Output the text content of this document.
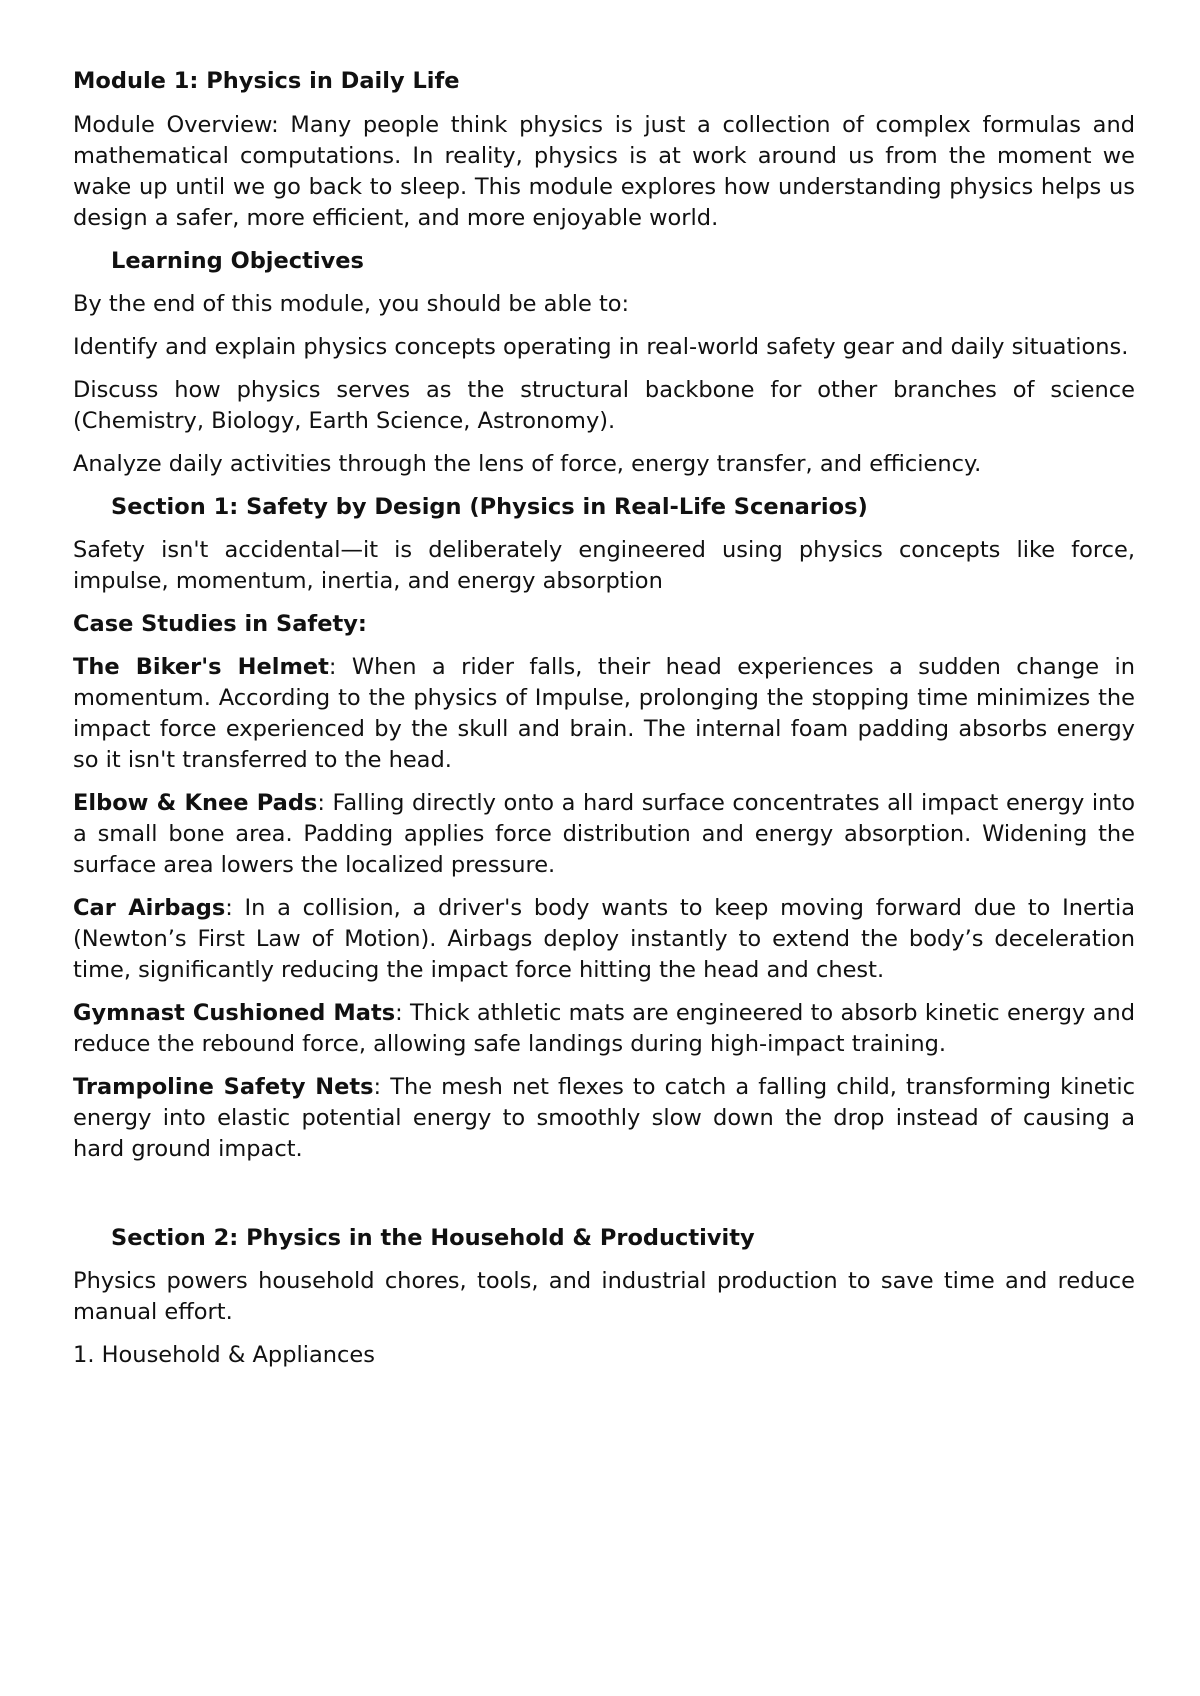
Module 1: Physics in Daily Life

Module Overview: Many people think physics is just a collection of complex formulas and mathematical computations. In reality, physics is at work around us from the moment we wake up until we go back to sleep. This module explores how understanding physics helps us design a safer, more efficient, and more enjoyable world.

Learning Objectives

By the end of this module, you should be able to:

Identify and explain physics concepts operating in real-world safety gear and daily situations.

Discuss how physics serves as the structural backbone for other branches of science (Chemistry, Biology, Earth Science, Astronomy).

Analyze daily activities through the lens of force, energy transfer, and efficiency.

Section 1: Safety by Design (Physics in Real-Life Scenarios)

Safety isn't accidental—it is deliberately engineered using physics concepts like force, impulse, momentum, inertia, and energy absorption

Case Studies in Safety:

The Biker's Helmet: When a rider falls, their head experiences a sudden change in momentum. According to the physics of Impulse, prolonging the stopping time minimizes the impact force experienced by the skull and brain. The internal foam padding absorbs energy so it isn't transferred to the head.

Elbow & Knee Pads: Falling directly onto a hard surface concentrates all impact energy into a small bone area. Padding applies force distribution and energy absorption. Widening the surface area lowers the localized pressure.

Car Airbags: In a collision, a driver's body wants to keep moving forward due to Inertia (Newton’s First Law of Motion). Airbags deploy instantly to extend the body’s deceleration time, significantly reducing the impact force hitting the head and chest.

Gymnast Cushioned Mats: Thick athletic mats are engineered to absorb kinetic energy and reduce the rebound force, allowing safe landings during high-impact training.

Trampoline Safety Nets: The mesh net flexes to catch a falling child, transforming kinetic energy into elastic potential energy to smoothly slow down the drop instead of causing a hard ground impact.

Section 2: Physics in the Household & Productivity

Physics powers household chores, tools, and industrial production to save time and reduce manual effort.

1. Household & Appliances
